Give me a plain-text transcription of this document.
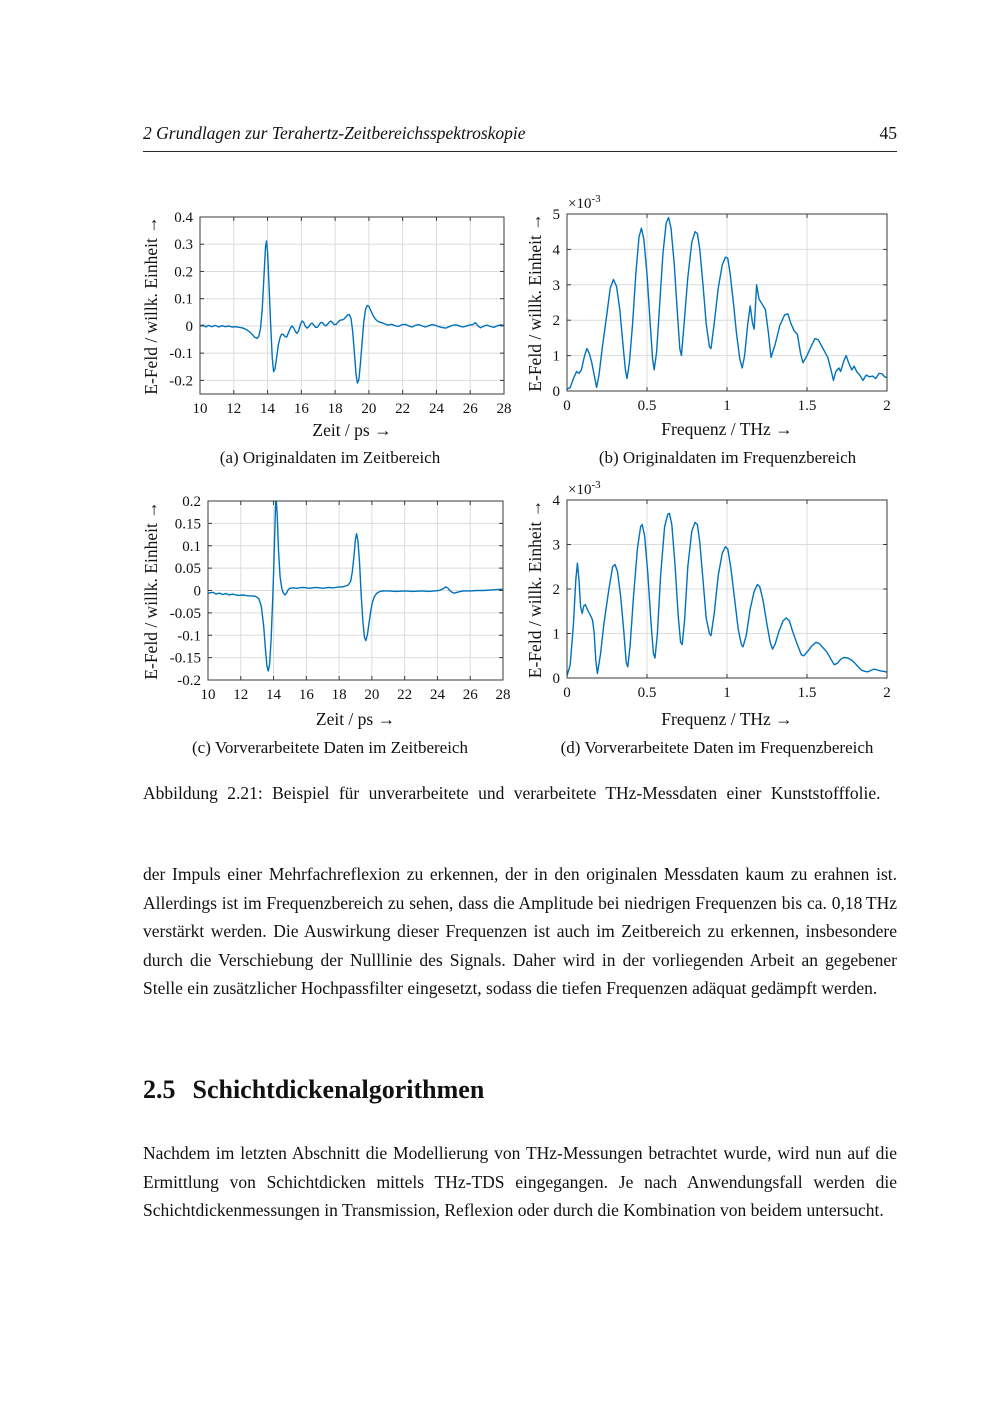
2 Grundlagen zur Terahertz-Zeitbereichsspektroskopie	45
10 12 14 16 18 20 22 24 26 28
0.4
0.3
0.2
0.1
0
-0.1
-0.2
Zeit / ps →
E-Feld / willk. Einheit →
0	0.5	1	1.5	2
0
1
2
3
4
5
Frequenz / THz →
E-Feld / willk. Einheit →
$\times 10^{-3}$
10 12 14 16 18 20 22 24 26 28
0.2
0.15
0.1
0.05
0
-0.05
-0.1
-0.15
-0.2
Zeit / ps →
E-Feld / willk. Einheit →
0	0.5	1	1.5	2
0
1
2
3
4
Frequenz / THz →
E-Feld / willk. Einheit →
$\times 10^{-3}$
(a) Originaldaten im Zeitbereich	(b) Originaldaten im Frequenzbereich
(c) Vorverarbeitete Daten im Zeitbereich	(d) Vorverarbeitete Daten im Frequenzbereich
Abbildung 2.21: Beispiel für unverarbeitete und verarbeitete THz-Messdaten einer Kunststofffolie.
der Impuls einer Mehrfachreflexion zu erkennen, der in den originalen Messdaten kaum zu erahnen ist. Allerdings ist im Frequenzbereich zu sehen, dass die Amplitude bei niedrigen Frequenzen bis ca. 0,18 THz verstärkt werden. Die Auswirkung dieser Frequenzen ist auch im Zeitbereich zu erkennen, insbesondere durch die Verschiebung der Nulllinie des Signals. Daher wird in der vorliegenden Arbeit an gegebener Stelle ein zusätzlicher Hochpassfilter eingesetzt, sodass die tiefen Frequenzen adäquat gedämpft werden.
2.5 Schichtdickenalgorithmen
Nachdem im letzten Abschnitt die Modellierung von THz-Messungen betrachtet wurde, wird nun auf die Ermittlung von Schichtdicken mittels THz-TDS eingegangen. Je nach Anwendungsfall werden die Schichtdickenmessungen in Transmission, Reflexion oder durch die Kombination von beidem untersucht.
